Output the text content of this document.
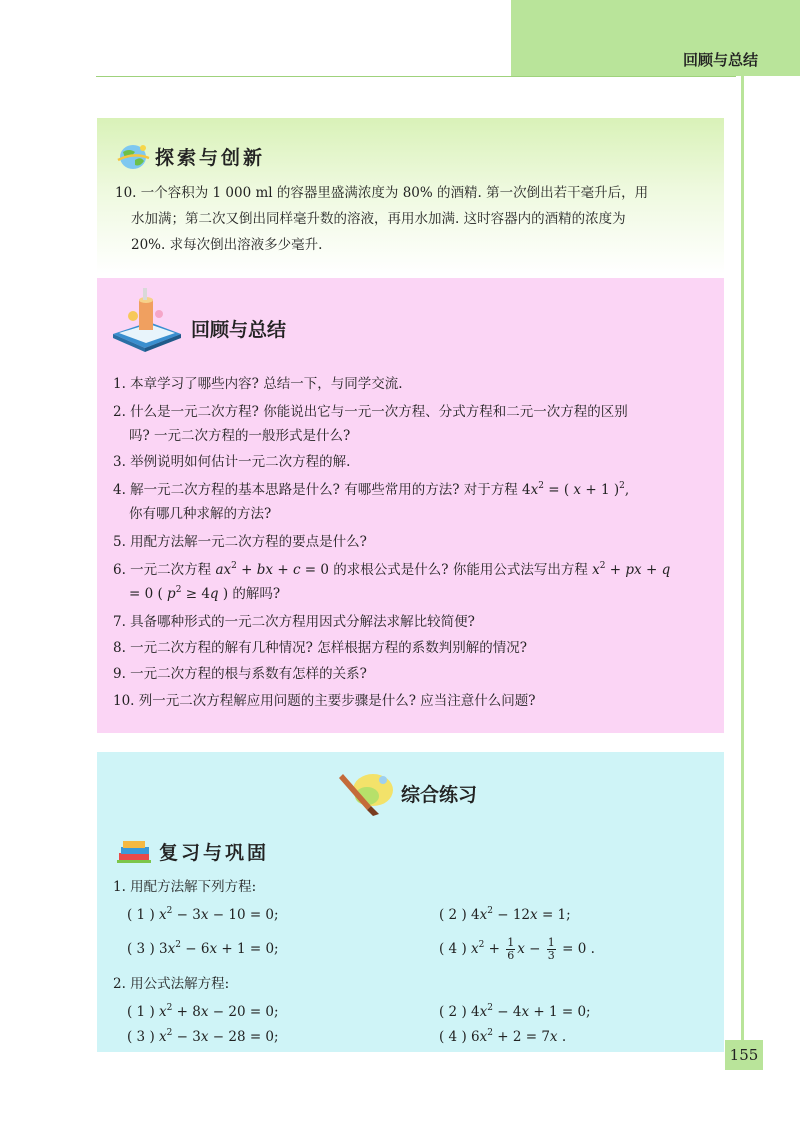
回顾与总结
探索与创新
10. 一个容积为 1 000 ml 的容器里盛满浓度为 80% 的酒精. 第一次倒出若干毫升后，用
水加满；第二次又倒出同样毫升数的溶液，再用水加满. 这时容器内的酒精的浓度为
20%. 求每次倒出溶液多少毫升.
回顾与总结
1. 本章学习了哪些内容? 总结一下，与同学交流.
2. 什么是一元二次方程? 你能说出它与一元一次方程、分式方程和二元一次方程的区别
吗? 一元二次方程的一般形式是什么?
3. 举例说明如何估计一元二次方程的解.
4. 解一元二次方程的基本思路是什么? 有哪些常用的方法? 对于方程 $4x^2$ = ( x + 1 )$^2$,
你有哪几种求解的方法?
5. 用配方法解一元二次方程的要点是什么?
6. 一元二次方程 $ax^2$ + bx + c = 0 的求根公式是什么? 你能用公式法写出方程 $x^2$ + px + q
= 0 ( $p^2 \ge 4q$ ) 的解吗?
7. 具备哪种形式的一元二次方程用因式分解法求解比较简便?
8. 一元二次方程的解有几种情况? 怎样根据方程的系数判别解的情况?
9. 一元二次方程的根与系数有怎样的关系?
10. 列一元二次方程解应用问题的主要步骤是什么? 应当注意什么问题?
综合练习
复习与巩固
1. 用配方法解下列方程:
( 1 ) $x^2 - 3x - 10 = 0$;	( 2 ) $4x^2 - 12x = 1$;
( 3 ) $3x^2 - 6x + 1 = 0$;	( 4 ) $x^2 + \frac{1}{6}$ $x - \frac{1}{3} = 0$ .
2. 用公式法解方程:
( 1 ) $x^2 + 8x - 20 = 0$;	( 2 ) $4x^2 - 4x + 1 = 0$;
( 3 ) $x^2 - 3x - 28 = 0$;	( 4 ) $6x^2 + 2 = 7x$ .
155
